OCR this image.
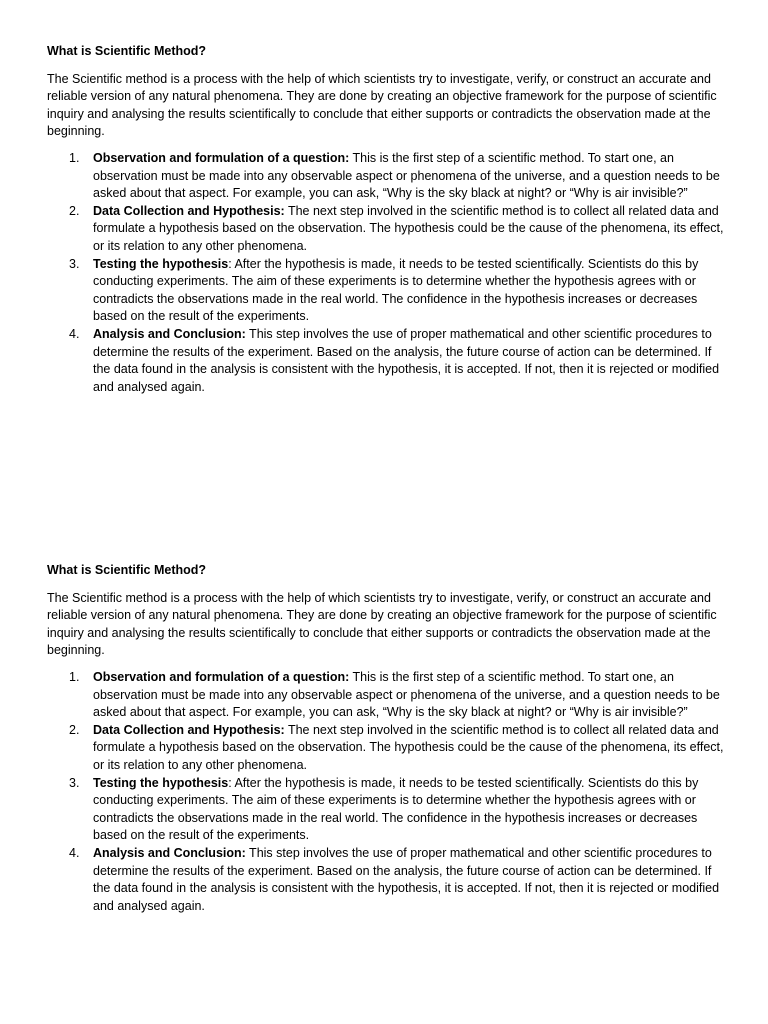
What is Scientific Method?
The Scientific method is a process with the help of which scientists try to investigate, verify, or construct an accurate and reliable version of any natural phenomena. They are done by creating an objective framework for the purpose of scientific inquiry and analysing the results scientifically to conclude that either supports or contradicts the observation made at the beginning.
1. Observation and formulation of a question: This is the first step of a scientific method. To start one, an observation must be made into any observable aspect or phenomena of the universe, and a question needs to be asked about that aspect. For example, you can ask, “Why is the sky black at night? or “Why is air invisible?”
2. Data Collection and Hypothesis: The next step involved in the scientific method is to collect all related data and formulate a hypothesis based on the observation. The hypothesis could be the cause of the phenomena, its effect, or its relation to any other phenomena.
3. Testing the hypothesis: After the hypothesis is made, it needs to be tested scientifically. Scientists do this by conducting experiments. The aim of these experiments is to determine whether the hypothesis agrees with or contradicts the observations made in the real world. The confidence in the hypothesis increases or decreases based on the result of the experiments.
4. Analysis and Conclusion: This step involves the use of proper mathematical and other scientific procedures to determine the results of the experiment. Based on the analysis, the future course of action can be determined. If the data found in the analysis is consistent with the hypothesis, it is accepted. If not, then it is rejected or modified and analysed again.
What is Scientific Method?
The Scientific method is a process with the help of which scientists try to investigate, verify, or construct an accurate and reliable version of any natural phenomena. They are done by creating an objective framework for the purpose of scientific inquiry and analysing the results scientifically to conclude that either supports or contradicts the observation made at the beginning.
1. Observation and formulation of a question: This is the first step of a scientific method. To start one, an observation must be made into any observable aspect or phenomena of the universe, and a question needs to be asked about that aspect. For example, you can ask, “Why is the sky black at night? or “Why is air invisible?”
2. Data Collection and Hypothesis: The next step involved in the scientific method is to collect all related data and formulate a hypothesis based on the observation. The hypothesis could be the cause of the phenomena, its effect, or its relation to any other phenomena.
3. Testing the hypothesis: After the hypothesis is made, it needs to be tested scientifically. Scientists do this by conducting experiments. The aim of these experiments is to determine whether the hypothesis agrees with or contradicts the observations made in the real world. The confidence in the hypothesis increases or decreases based on the result of the experiments.
4. Analysis and Conclusion: This step involves the use of proper mathematical and other scientific procedures to determine the results of the experiment. Based on the analysis, the future course of action can be determined. If the data found in the analysis is consistent with the hypothesis, it is accepted. If not, then it is rejected or modified and analysed again.
